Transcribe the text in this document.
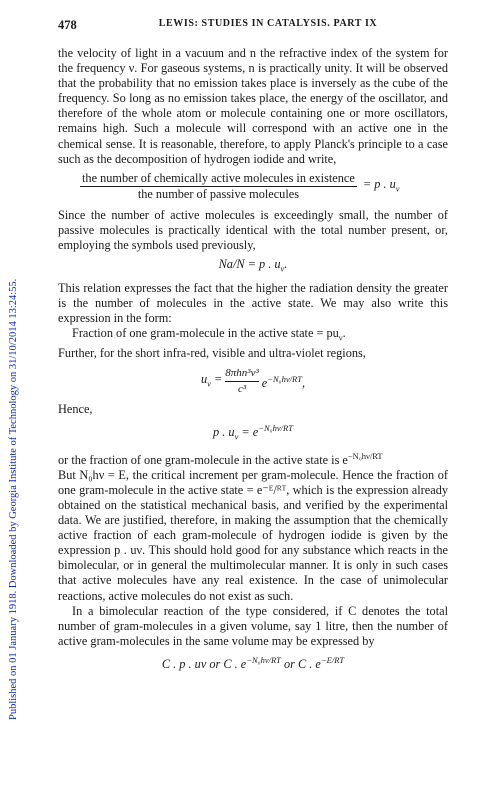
478	LEWIS: STUDIES IN CATALYSIS. PART IX
Published on 01 January 1918. Downloaded by Georgia Institute of Technology on 31/10/2014 13:24:55.

the velocity of light in a vacuum and n the refractive index of the system for the frequency ν. For gaseous systems, n is practically unity. It will be observed that the probability that no emission takes place is inversely as the cube of the frequency. So long as no emission takes place, the energy of the oscillator, and therefore of the whole atom or molecule containing one or more oscillators, remains high. Such a molecule will correspond with an active one in the chemical sense. It is reasonable, therefore, to apply Planck's principle to a case such as the decomposition of hydrogen iodide and write,

$\frac{\text{the number of chemically active molecules in existence}}{\text{the number of passive molecules}} = p$ . $u_\nu$

Since the number of active molecules is exceedingly small, the number of passive molecules is practically identical with the total number present, or, employing the symbols used previously,

Na/N = p . $u_\nu$.

This relation expresses the fact that the higher the radiation density the greater is the number of molecules in the active state. We may also write this expression in the form:

Fraction of one gram-molecule in the active state = $pu_\nu$.

Further, for the short infra-red, visible and ultra-violet regions,

$u_\nu = 8\pi hn^3\nu^3$
c³	$e^{-N_0h\nu/RT}$,

Hence,

p . $u_\nu = e^{-N_0h\nu/RT}$

or the fraction of one gram-molecule in the active state is $e^{-N_0h\nu/RT}$

But N₀hν = E, the critical increment per gram-molecule. Hence the fraction of one gram-molecule in the active state = e⁻ᴱ/ᴿᵀ, which is the expression already obtained on the statistical mechanical basis, and verified by the experimental data. We are justified, therefore, in making the assumption that the chemically active fraction of each gram-molecule of hydrogen iodide is given by the expression p . uν. This should hold good for any substance which reacts in the bimolecular, or in general the multimolecular manner. It is only in such cases that active molecules have any real existence. In the case of unimolecular reactions, active molecules do not exist as such.

In a bimolecular reaction of the type considered, if C denotes the total number of gram-molecules in a given volume, say 1 litre, then the number of active gram-molecules in the same volume may be expressed by

C . p . uν or C . $e^{-N_0h\nu/RT}$ or C . $e^{-E/RT}$
